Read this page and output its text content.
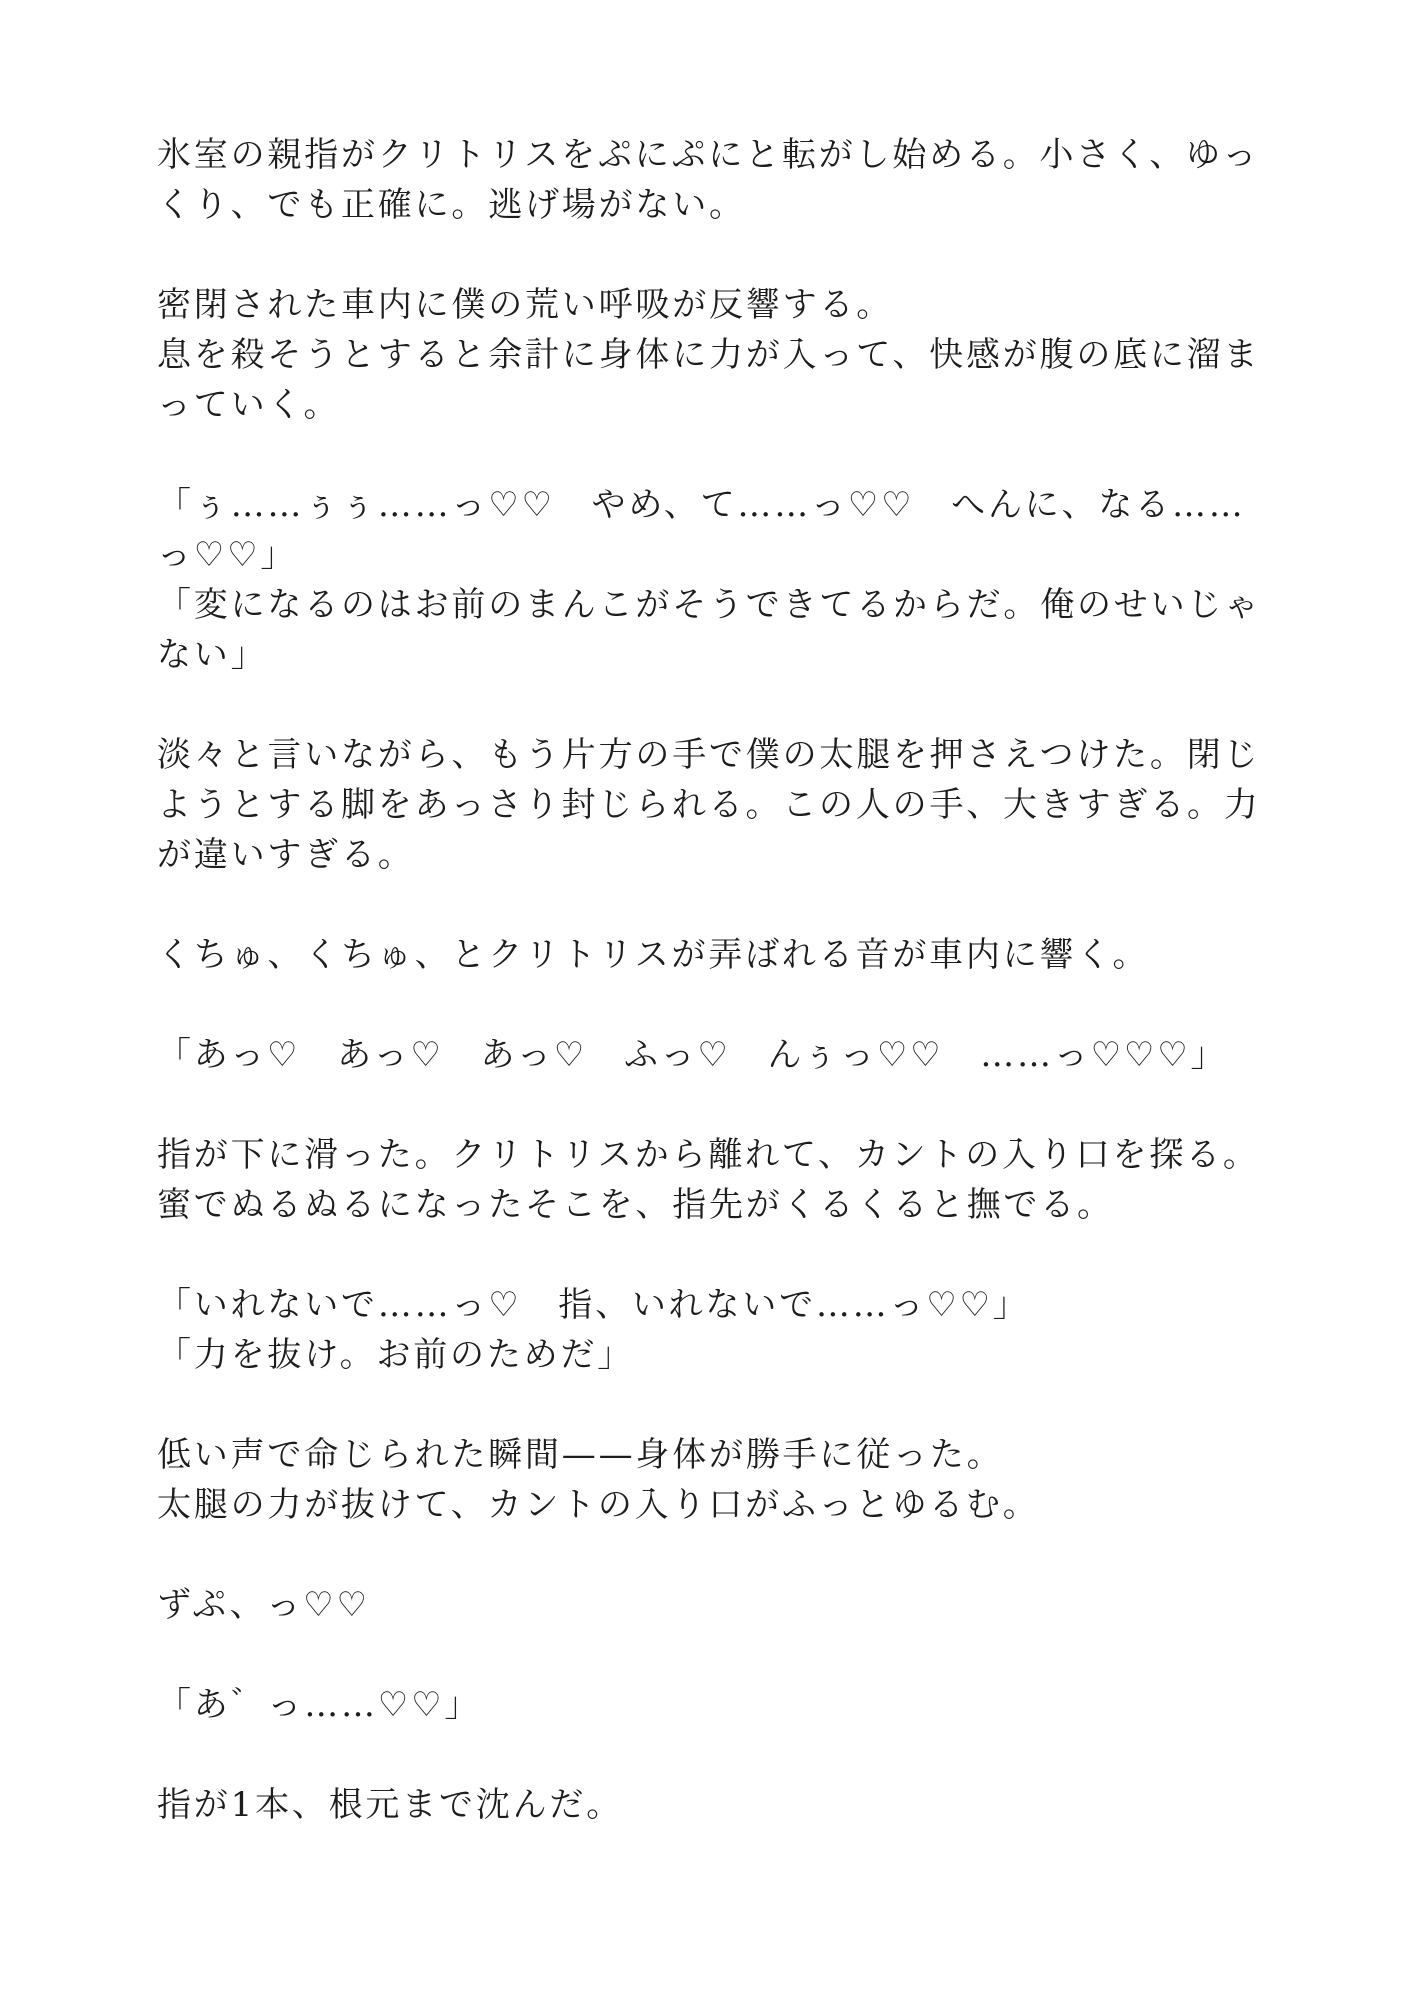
氷室の親指がクリトリスをぷにぷにと転がし始める。小さく、ゆっ
くり、でも正確に。逃げ場がない。
密閉された車内に僕の荒い呼吸が反響する。
息を殺そうとすると余計に身体に力が入って、快感が腹の底に溜ま
っていく。
「ぅ……ぅぅ……っ♡♡　やめ、て……っ♡♡　へんに、なる……
っ♡♡」
「変になるのはお前のまんこがそうできてるからだ。俺のせいじゃ
ない」
淡々と言いながら、もう片方の手で僕の太腿を押さえつけた。閉じ
ようとする脚をあっさり封じられる。この人の手、大きすぎる。力
が違いすぎる。
くちゅ、くちゅ、とクリトリスが弄ばれる音が車内に響く。
「あっ♡　あっ♡　あっ♡　ふっ♡　んぅっ♡♡　……っ♡♡♡」
指が下に滑った。クリトリスから離れて、カントの入り口を探る。
蜜でぬるぬるになったそこを、指先がくるくると撫でる。
「いれないで……っ♡　指、いれないで……っ♡♡」
「力を抜け。お前のためだ」
低い声で命じられた瞬間——身体が勝手に従った。
太腿の力が抜けて、カントの入り口がふっとゆるむ。
ずぷ、っ♡♡
「あ゛っ……♡♡」
指が1本、根元まで沈んだ。
